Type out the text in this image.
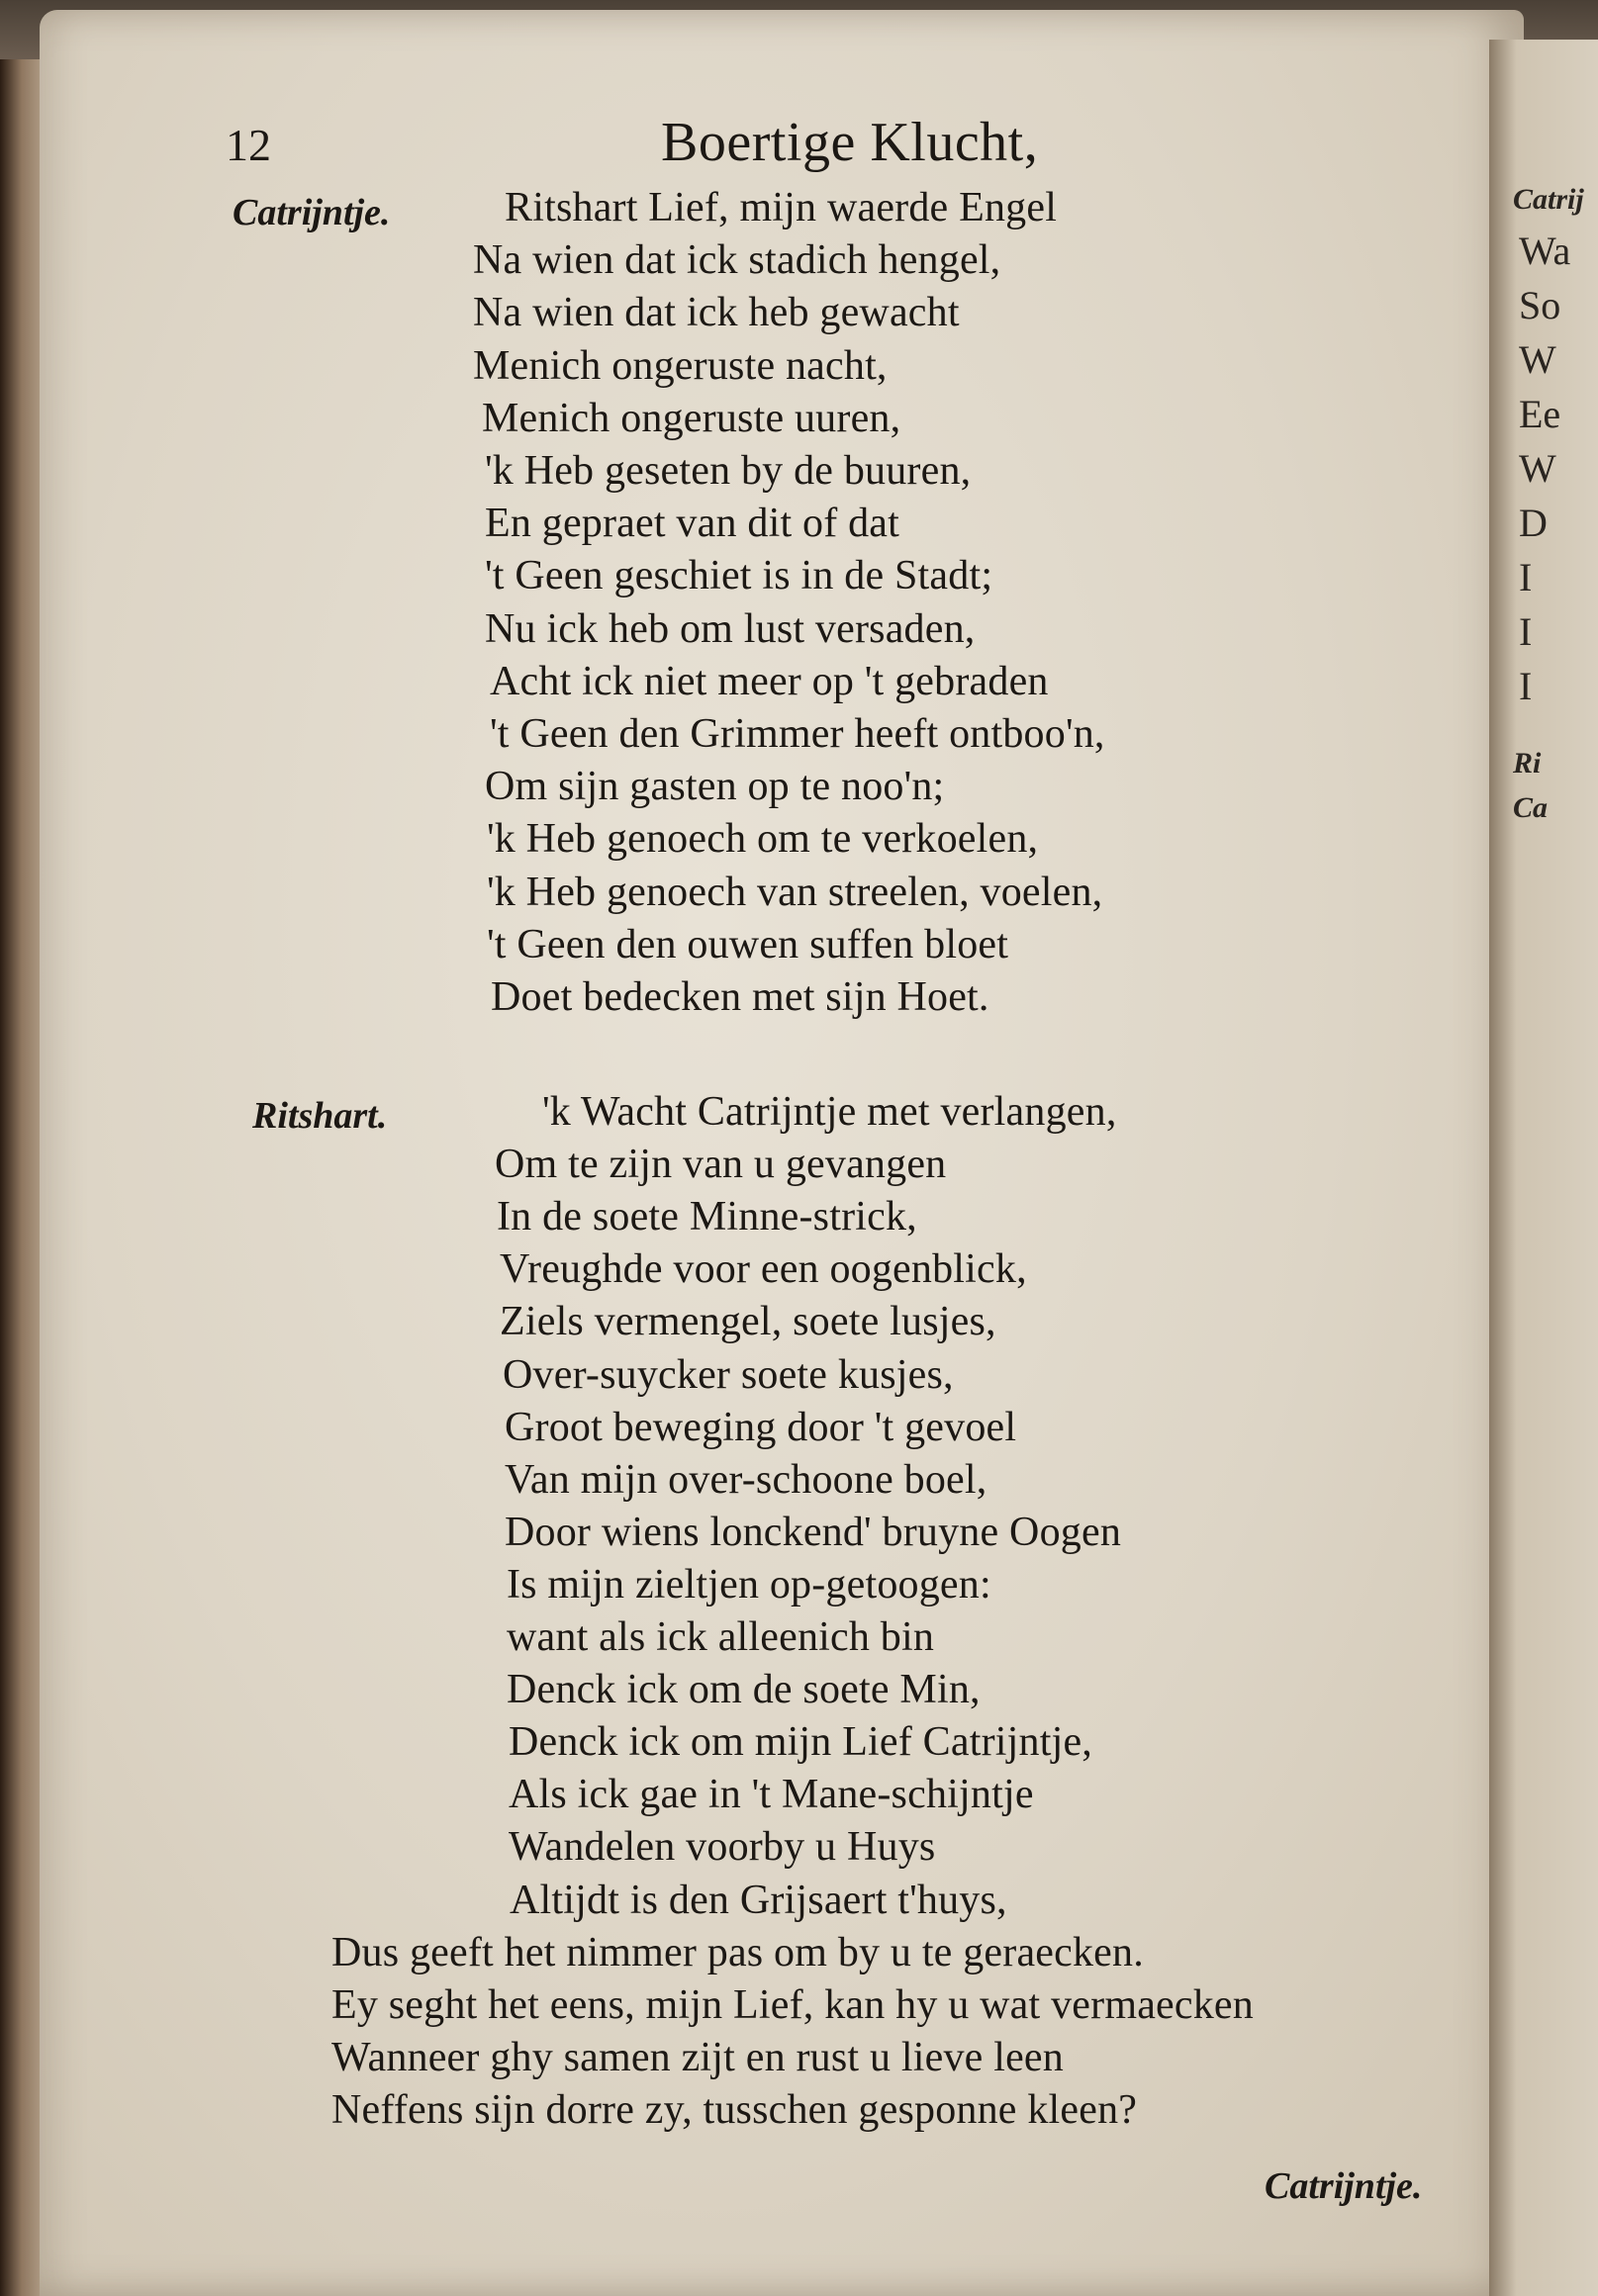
Catrij
Wa
So
W
Ee
W
D
I
I
I
Ri
Ca
12	Boertige Klucht,
Catrijntje.
Ritshart.
Ritshart Lief, mijn waerde Engel
Na wien dat ick stadich hengel,
Na wien dat ick heb gewacht
Menich ongeruste nacht,
Menich ongeruste uuren,
'k Heb geseten by de buuren,
En gepraet van dit of dat
't Geen geschiet is in de Stadt;
Nu ick heb om lust versaden,
Acht ick niet meer op 't gebraden
't Geen den Grimmer heeft ontboo'n,
Om sijn gasten op te noo'n;
'k Heb genoech om te verkoelen,
'k Heb genoech van streelen, voelen,
't Geen den ouwen suffen bloet
Doet bedecken met sijn Hoet.
'k Wacht Catrijntje met verlangen,
Om te zijn van u gevangen
In de soete Minne-strick,
Vreughde voor een oogenblick,
Ziels vermengel, soete lusjes,
Over-suycker soete kusjes,
Groot beweging door 't gevoel
Van mijn over-schoone boel,
Door wiens lonckend' bruyne Oogen
Is mijn zieltjen op-getoogen:
want als ick alleenich bin
Denck ick om de soete Min,
Denck ick om mijn Lief Catrijntje,
Als ick gae in 't Mane-schijntje
Wandelen voorby u Huys
Altijdt is den Grijsaert t'huys,
Dus geeft het nimmer pas om by u te geraecken.
Ey seght het eens, mijn Lief, kan hy u wat vermaecken
Wanneer ghy samen zijt en rust u lieve leen
Neffens sijn dorre zy, tusschen gesponne kleen?
Catrijntje.
